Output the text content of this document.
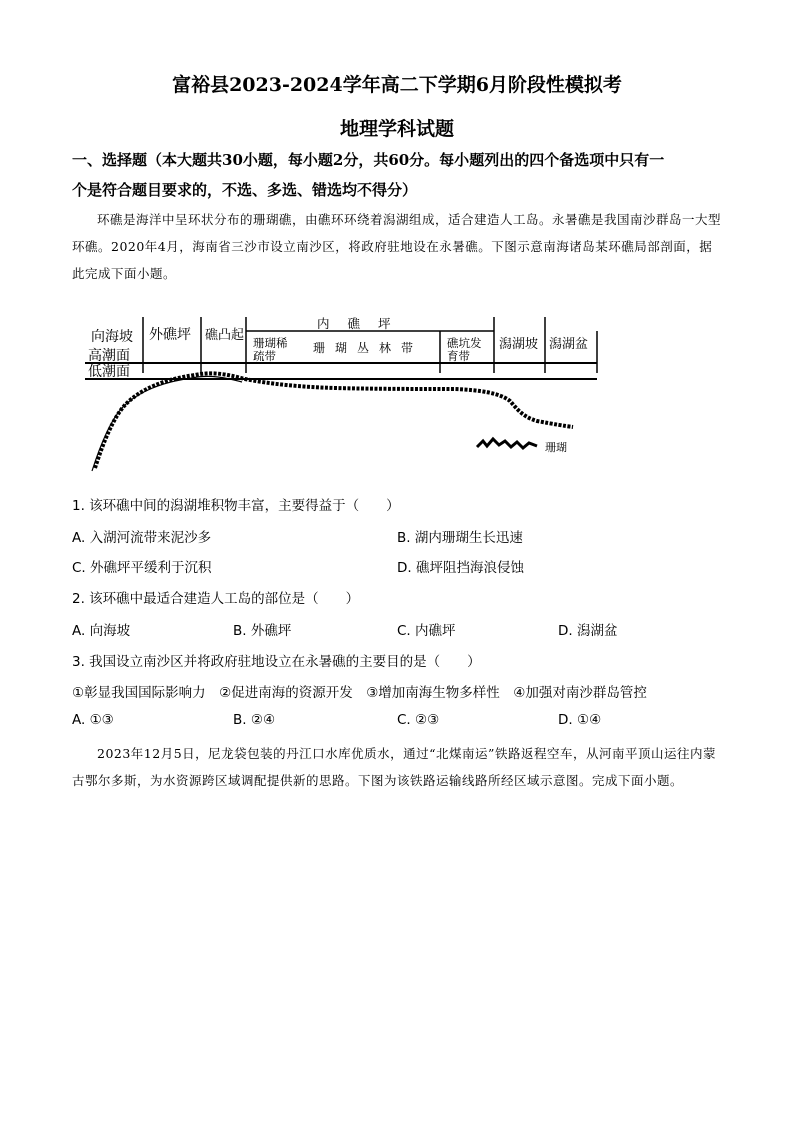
富裕县2023-2024学年高二下学期6月阶段性模拟考
地理学科试题
一、选择题（本大题共30小题，每小题2分，共60分。每小题列出的四个备选项中只有一
个是符合题目要求的，不选、多选、错选均不得分）
环礁是海洋中呈环状分布的珊瑚礁，由礁环环绕着潟湖组成，适合建造人工岛。永暑礁是我国南沙群岛一大型环礁。2020年4月，海南省三沙市设立南沙区，将政府驻地设在永暑礁。下图示意南海诸岛某环礁局部剖面，据此完成下面小题。
向海坡 外礁坪 礁凸起
内礁坪
珊瑚稀
疏带
珊瑚丛林带 礁坑发
育带
潟湖坡 潟湖盆
高潮面
低潮面
珊瑚
1. 该环礁中间的潟湖堆积物丰富，主要得益于（　　）
A. 入湖河流带来泥沙多	B. 湖内珊瑚生长迅速
C. 外礁坪平缓利于沉积	D. 礁坪阻挡海浪侵蚀
2. 该环礁中最适合建造人工岛的部位是（　　）
A. 向海坡	B. 外礁坪	C. 内礁坪	D. 潟湖盆
3. 我国设立南沙区并将政府驻地设立在永暑礁的主要目的是（　　）
①彰显我国国际影响力　②促进南海的资源开发　③增加南海生物多样性　④加强对南沙群岛管控
A. ①③	B. ②④	C. ②③	D. ①④
2023年12月5日，尼龙袋包装的丹江口水库优质水，通过“北煤南运”铁路返程空车，从河南平顶山运往内蒙古鄂尔多斯，为水资源跨区域调配提供新的思路。下图为该铁路运输线路所经区域示意图。完成下面小题。
